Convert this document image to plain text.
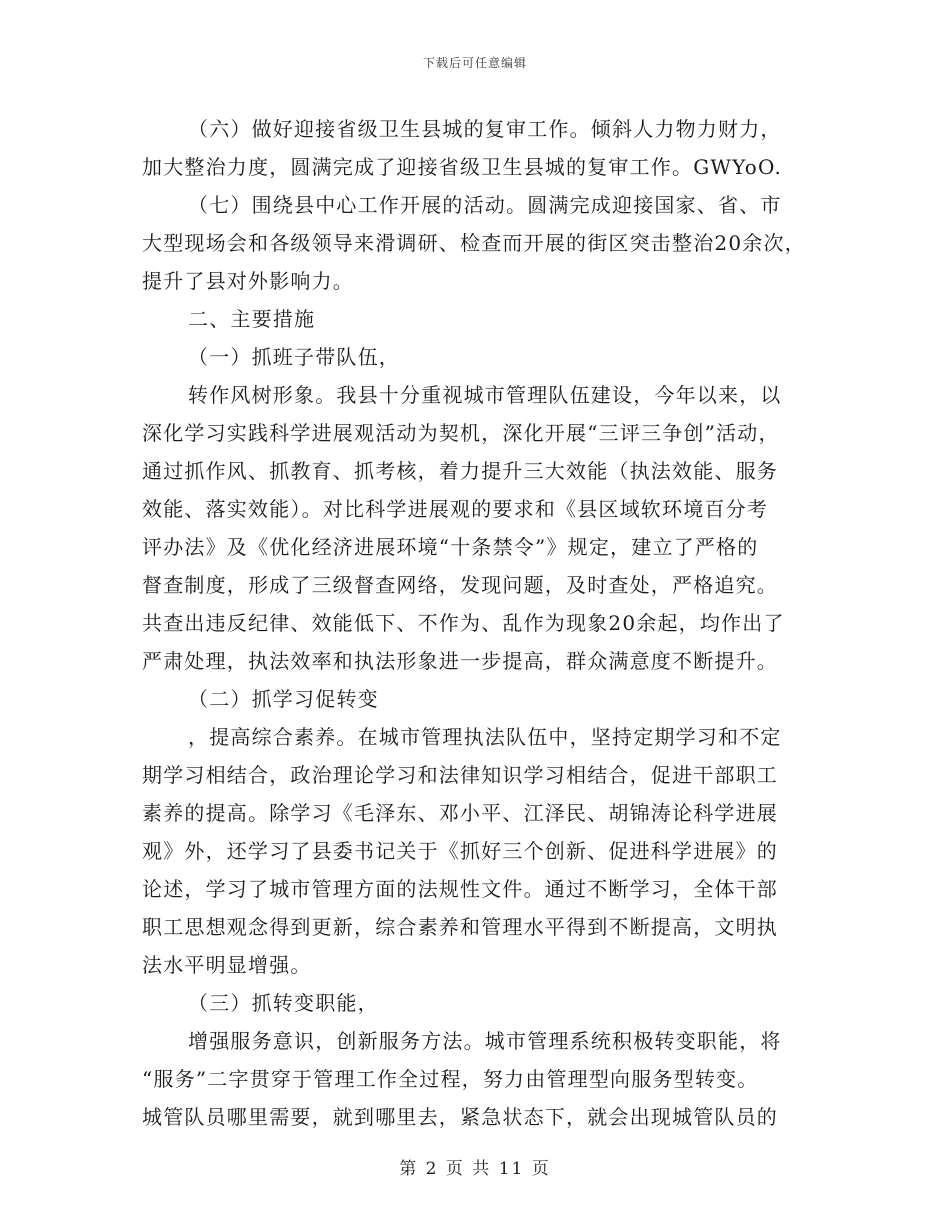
下载后可任意编辑
（六）做好迎接省级卫生县城的复审工作。倾斜人力物力财力，
加大整治力度，圆满完成了迎接省级卫生县城的复审工作。GWYoO.
（七）围绕县中心工作开展的活动。圆满完成迎接国家、省、市
大型现场会和各级领导来滑调研、检查而开展的街区突击整治20余次，
提升了县对外影响力。
二、主要措施
（一）抓班子带队伍，
转作风树形象。我县十分重视城市管理队伍建设，今年以来，以
深化学习实践科学进展观活动为契机，深化开展“三评三争创”活动，
通过抓作风、抓教育、抓考核，着力提升三大效能（执法效能、服务
效能、落实效能）。对比科学进展观的要求和《县区域软环境百分考
评办法》及《优化经济进展环境“十条禁令”》规定，建立了严格的
督查制度，形成了三级督查网络，发现问题，及时查处，严格追究。
共查出违反纪律、效能低下、不作为、乱作为现象20余起，均作出了
严肃处理，执法效率和执法形象进一步提高，群众满意度不断提升。
（二）抓学习促转变
，提高综合素养。在城市管理执法队伍中，坚持定期学习和不定
期学习相结合，政治理论学习和法律知识学习相结合，促进干部职工
素养的提高。除学习《毛泽东、邓小平、江泽民、胡锦涛论科学进展
观》外，还学习了县委书记关于《抓好三个创新、促进科学进展》的
论述，学习了城市管理方面的法规性文件。通过不断学习，全体干部
职工思想观念得到更新，综合素养和管理水平得到不断提高，文明执
法水平明显增强。
（三）抓转变职能，
增强服务意识，创新服务方法。城市管理系统积极转变职能，将
“服务”二字贯穿于管理工作全过程，努力由管理型向服务型转变。
城管队员哪里需要，就到哪里去，紧急状态下，就会出现城管队员的
第 2 页 共 11 页
